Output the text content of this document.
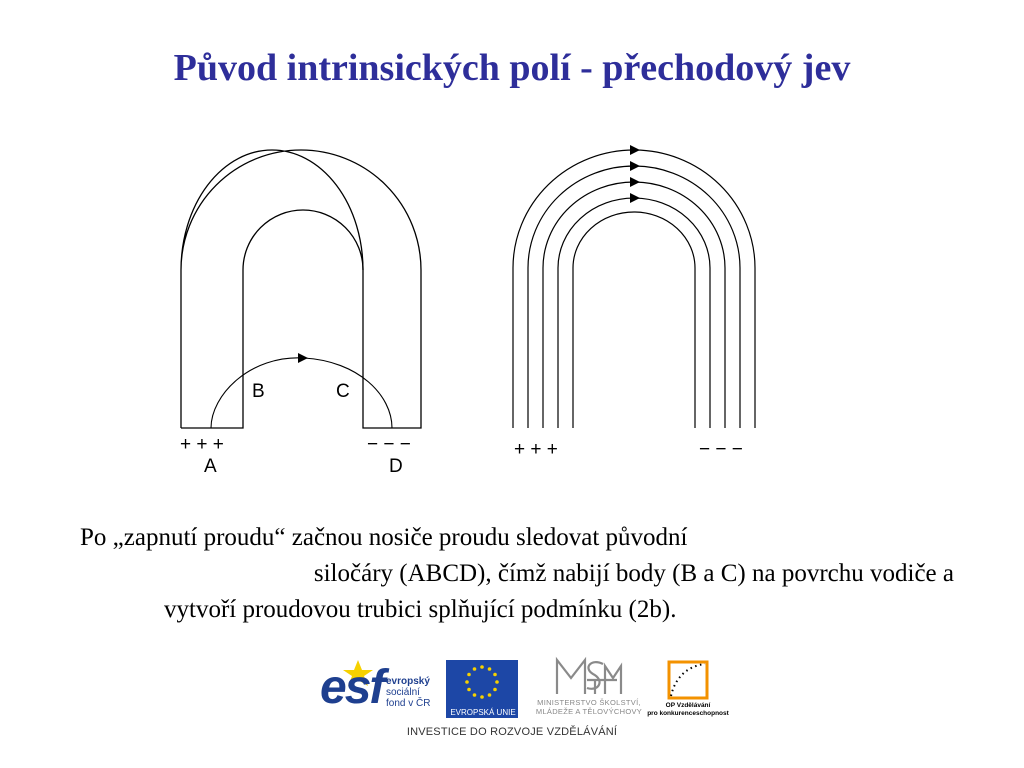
Původ intrinsických polí - přechodový jev
+ + +	− − −
A
B	C
D
+ + +	− − −
Po „zapnutí proudu“ začnou nosiče proudu sledovat původní
siločáry (ABCD), čímž nabijí body (B a C) na povrchu vodiče a
vytvoří proudovou trubici splňující podmínku (2b).
esf evropský
sociální
fond v ČR
EVROPSKÁ UNIE
MINISTERSTVO ŠKOLSTVÍ,
MLÁDEŽE A TĚLOVÝCHOVY
OP Vzdělávání
pro konkurenceschopnost
INVESTICE DO ROZVOJE VZDĚLÁVÁNÍ
